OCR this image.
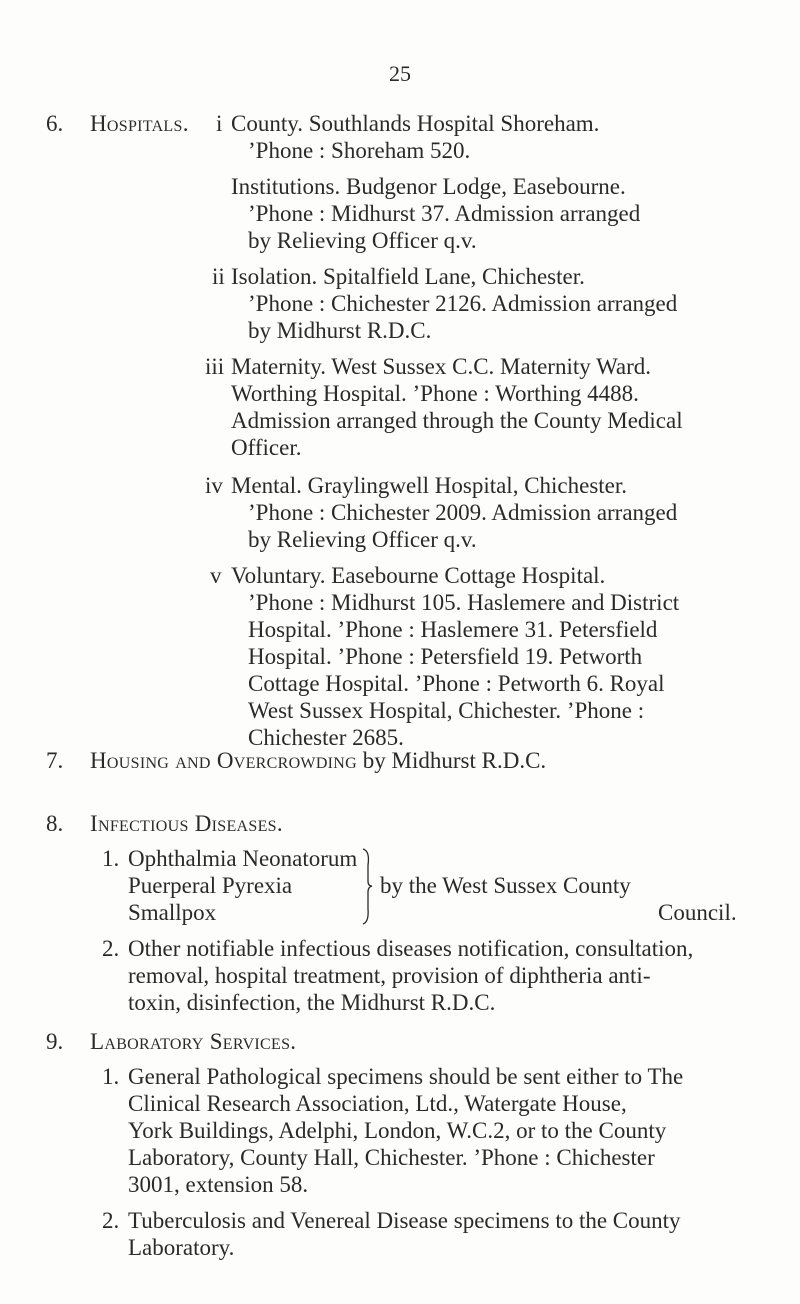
25
6. Hospitals. i County. Southlands Hospital Shoreham.
’Phone : Shoreham 520.
Institutions. Budgenor Lodge, Easebourne.
’Phone : Midhurst 37. Admission arranged
by Relieving Officer q.v.
ii Isolation. Spitalfield Lane, Chichester.
’Phone : Chichester 2126. Admission arranged
by Midhurst R.D.C.
iii Maternity. West Sussex C.C. Maternity Ward.
Worthing Hospital. ’Phone : Worthing 4488.
Admission arranged through the County Medical
Officer.
iv Mental. Graylingwell Hospital, Chichester.
’Phone : Chichester 2009. Admission arranged
by Relieving Officer q.v.
v Voluntary. Easebourne Cottage Hospital.
’Phone : Midhurst 105. Haslemere and District
Hospital. ’Phone : Haslemere 31. Petersfield
Hospital. ’Phone : Petersfield 19. Petworth
Cottage Hospital. ’Phone : Petworth 6. Royal
West Sussex Hospital, Chichester. ’Phone :
Chichester 2685.
7. Housing and Overcrowding by Midhurst R.D.C.
8. Infectious Diseases.
1. Ophthalmia Neonatorum
Puerperal Pyrexia
Smallpox
by the West Sussex County
Council.
2. Other notifiable infectious diseases notification, consultation,
removal, hospital treatment, provision of diphtheria anti-
toxin, disinfection, the Midhurst R.D.C.
9. Laboratory Services.
1. General Pathological specimens should be sent either to The
Clinical Research Association, Ltd., Watergate House,
York Buildings, Adelphi, London, W.C.2, or to the County
Laboratory, County Hall, Chichester. ’Phone : Chichester
3001, extension 58.
2. Tuberculosis and Venereal Disease specimens to the County
Laboratory.
